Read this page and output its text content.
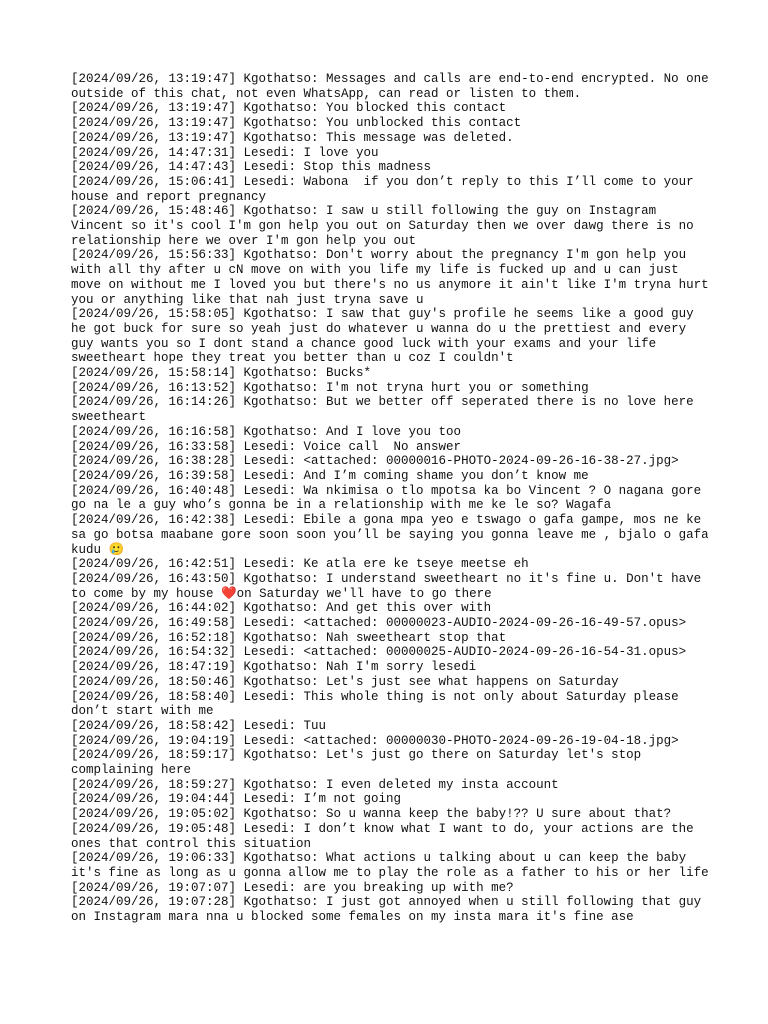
[2024/09/26, 13:19:47] Kgothatso: Messages and calls are end-to-end encrypted. No one outside of this chat, not even WhatsApp, can read or listen to them.
[2024/09/26, 13:19:47] Kgothatso: You blocked this contact
[2024/09/26, 13:19:47] Kgothatso: You unblocked this contact
[2024/09/26, 13:19:47] Kgothatso: This message was deleted.
[2024/09/26, 14:47:31] Lesedi: I love you
[2024/09/26, 14:47:43] Lesedi: Stop this madness
[2024/09/26, 15:06:41] Lesedi: Wabona  if you don’t reply to this I’ll come to your house and report pregnancy
[2024/09/26, 15:48:46] Kgothatso: I saw u still following the guy on Instagram Vincent so it's cool I'm gon help you out on Saturday then we over dawg there is no relationship here we over I'm gon help you out
[2024/09/26, 15:56:33] Kgothatso: Don't worry about the pregnancy I'm gon help you with all thy after u cN move on with you life my life is fucked up and u can just move on without me I loved you but there's no us anymore it ain't like I'm tryna hurt you or anything like that nah just tryna save u
[2024/09/26, 15:58:05] Kgothatso: I saw that guy's profile he seems like a good guy he got buck for sure so yeah just do whatever u wanna do u the prettiest and every guy wants you so I dont stand a chance good luck with your exams and your life sweetheart hope they treat you better than u coz I couldn't
[2024/09/26, 15:58:14] Kgothatso: Bucks*
[2024/09/26, 16:13:52] Kgothatso: I'm not tryna hurt you or something
[2024/09/26, 16:14:26] Kgothatso: But we better off seperated there is no love here sweetheart
[2024/09/26, 16:16:58] Kgothatso: And I love you too
[2024/09/26, 16:33:58] Lesedi: Voice call  No answer
[2024/09/26, 16:38:28] Lesedi: <attached: 00000016-PHOTO-2024-09-26-16-38-27.jpg>
[2024/09/26, 16:39:58] Lesedi: And I’m coming shame you don’t know me
[2024/09/26, 16:40:48] Lesedi: Wa nkimisa o tlo mpotsa ka bo Vincent ? O nagana gore go na le a guy who’s gonna be in a relationship with me ke le so? Wagafa
[2024/09/26, 16:42:38] Lesedi: Ebile a gona mpa yeo e tswago o gafa gampe, mos ne ke sa go botsa maabane gore soon soon you’ll be saying you gonna leave me , bjalo o gafa kudu 🥲
[2024/09/26, 16:42:51] Lesedi: Ke atla ere ke tseye meetse eh
[2024/09/26, 16:43:50] Kgothatso: I understand sweetheart no it's fine u. Don't have to come by my house ❤️on Saturday we'll have to go there
[2024/09/26, 16:44:02] Kgothatso: And get this over with
[2024/09/26, 16:49:58] Lesedi: <attached: 00000023-AUDIO-2024-09-26-16-49-57.opus>
[2024/09/26, 16:52:18] Kgothatso: Nah sweetheart stop that
[2024/09/26, 16:54:32] Lesedi: <attached: 00000025-AUDIO-2024-09-26-16-54-31.opus>
[2024/09/26, 18:47:19] Kgothatso: Nah I'm sorry lesedi
[2024/09/26, 18:50:46] Kgothatso: Let's just see what happens on Saturday
[2024/09/26, 18:58:40] Lesedi: This whole thing is not only about Saturday please don’t start with me
[2024/09/26, 18:58:42] Lesedi: Tuu
[2024/09/26, 19:04:19] Lesedi: <attached: 00000030-PHOTO-2024-09-26-19-04-18.jpg>
[2024/09/26, 18:59:17] Kgothatso: Let's just go there on Saturday let's stop complaining here
[2024/09/26, 18:59:27] Kgothatso: I even deleted my insta account
[2024/09/26, 19:04:44] Lesedi: I’m not going
[2024/09/26, 19:05:02] Kgothatso: So u wanna keep the baby!?? U sure about that?
[2024/09/26, 19:05:48] Lesedi: I don’t know what I want to do, your actions are the ones that control this situation
[2024/09/26, 19:06:33] Kgothatso: What actions u talking about u can keep the baby it's fine as long as u gonna allow me to play the role as a father to his or her life
[2024/09/26, 19:07:07] Lesedi: are you breaking up with me?
[2024/09/26, 19:07:28] Kgothatso: I just got annoyed when u still following that guy on Instagram mara nna u blocked some females on my insta mara it's fine ase
